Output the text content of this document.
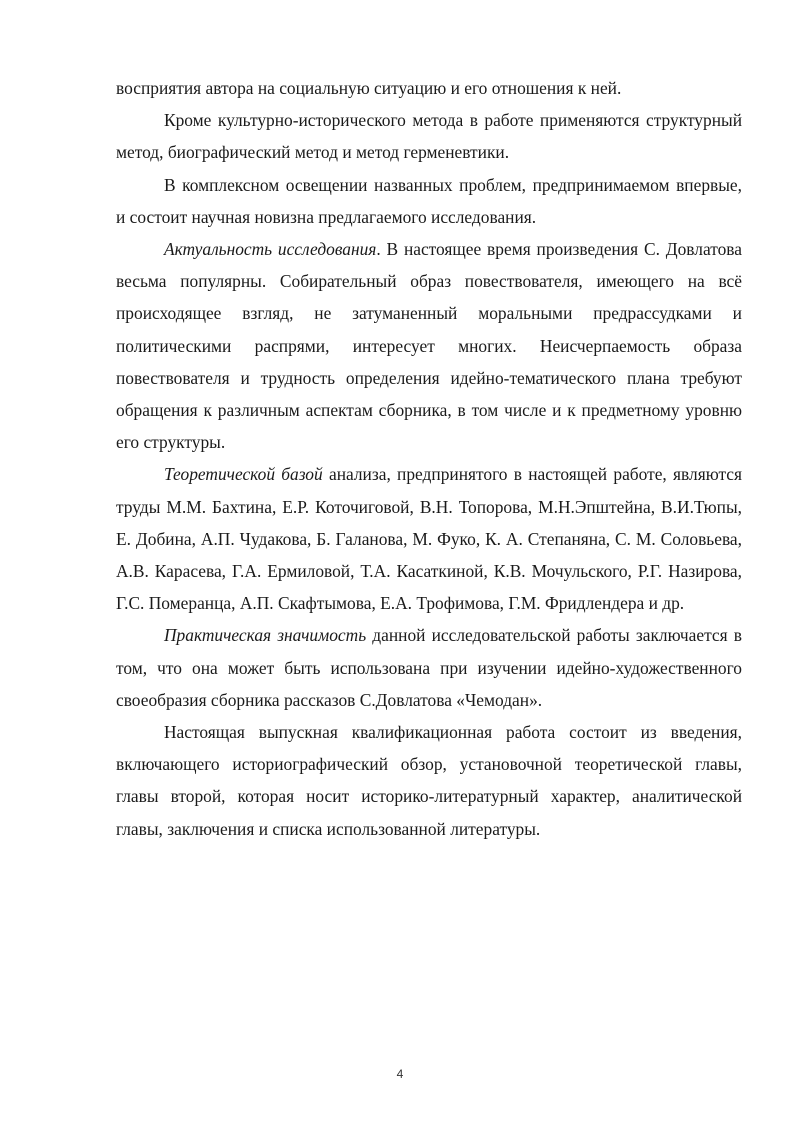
восприятия автора на социальную ситуацию и его отношения к ней.

Кроме культурно-исторического метода в работе применяются структурный метод, биографический метод и метод герменевтики.

В комплексном освещении названных проблем, предпринимаемом впервые, и состоит научная новизна предлагаемого исследования.

Актуальность исследования. В настоящее время произведения С. Довлатова весьма популярны. Собирательный образ повествователя, имеющего на всё происходящее взгляд, не затуманенный моральными предрассудками и политическими распрями, интересует многих. Неисчерпаемость образа повествователя и трудность определения идейно-тематического плана требуют обращения к различным аспектам сборника, в том числе и к предметному уровню его структуры.

Теоретической базой анализа, предпринятого в настоящей работе, являются труды М.М. Бахтина, Е.Р. Коточиговой, В.Н. Топорова, М.Н.Эпштейна, В.И.Тюпы, Е. Добина, А.П. Чудакова, Б. Галанова, М. Фуко, К. А. Степаняна, С. М. Соловьева, А.В. Карасева, Г.А. Ермиловой, Т.А. Касаткиной, К.В. Мочульского, Р.Г. Назирова, Г.С. Померанца, А.П. Скафтымова, Е.А. Трофимова, Г.М. Фридлендера и др.

Практическая значимость данной исследовательской работы заключается в том, что она может быть использована при изучении идейно-художественного своеобразия сборника рассказов С.Довлатова «Чемодан».

Настоящая выпускная квалификационная работа состоит из введения, включающего историографический обзор, установочной теоретической главы, главы второй, которая носит историко-литературный характер, аналитической главы, заключения и списка использованной литературы.

4
